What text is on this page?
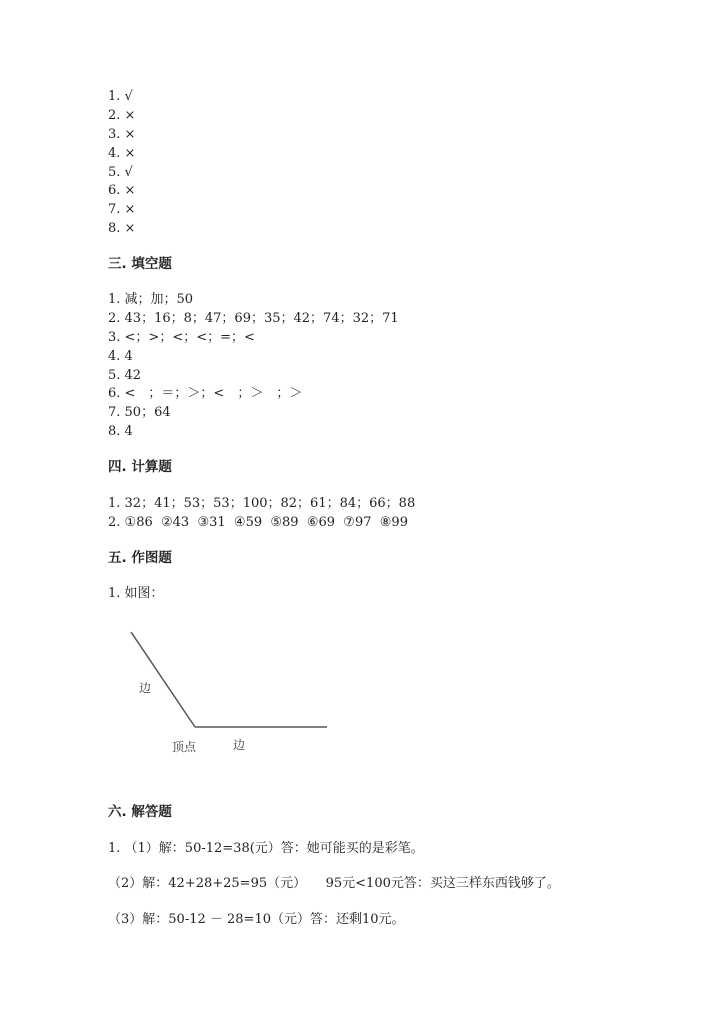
1. √
2. ×
3. ×
4. ×
5. √
6. ×
7. ×
8. ×
三. 填空题
1. 减；加；50
2. 43；16；8；47；69；35；42；74；32；71
3. <；>；<；<；=；<
4. 4
5. 42
6. <　；＝；＞；<　；＞　；＞
7. 50；64
8. 4
四. 计算题
1. 32；41；53；53；100；82；61；84；66；88
2. ①86  ②43  ③31  ④59  ⑤89  ⑥69  ⑦97  ⑧99
五. 作图题
1. 如图：
边
顶点	边
六. 解答题
1. （1）解：50-12=38(元）答：她可能买的是彩笔。
（2）解：42+28+25=95（元）　　95元<100元答：买这三样东西钱够了。
（3）解：50-12 － 28=10（元）答：还剩10元。
